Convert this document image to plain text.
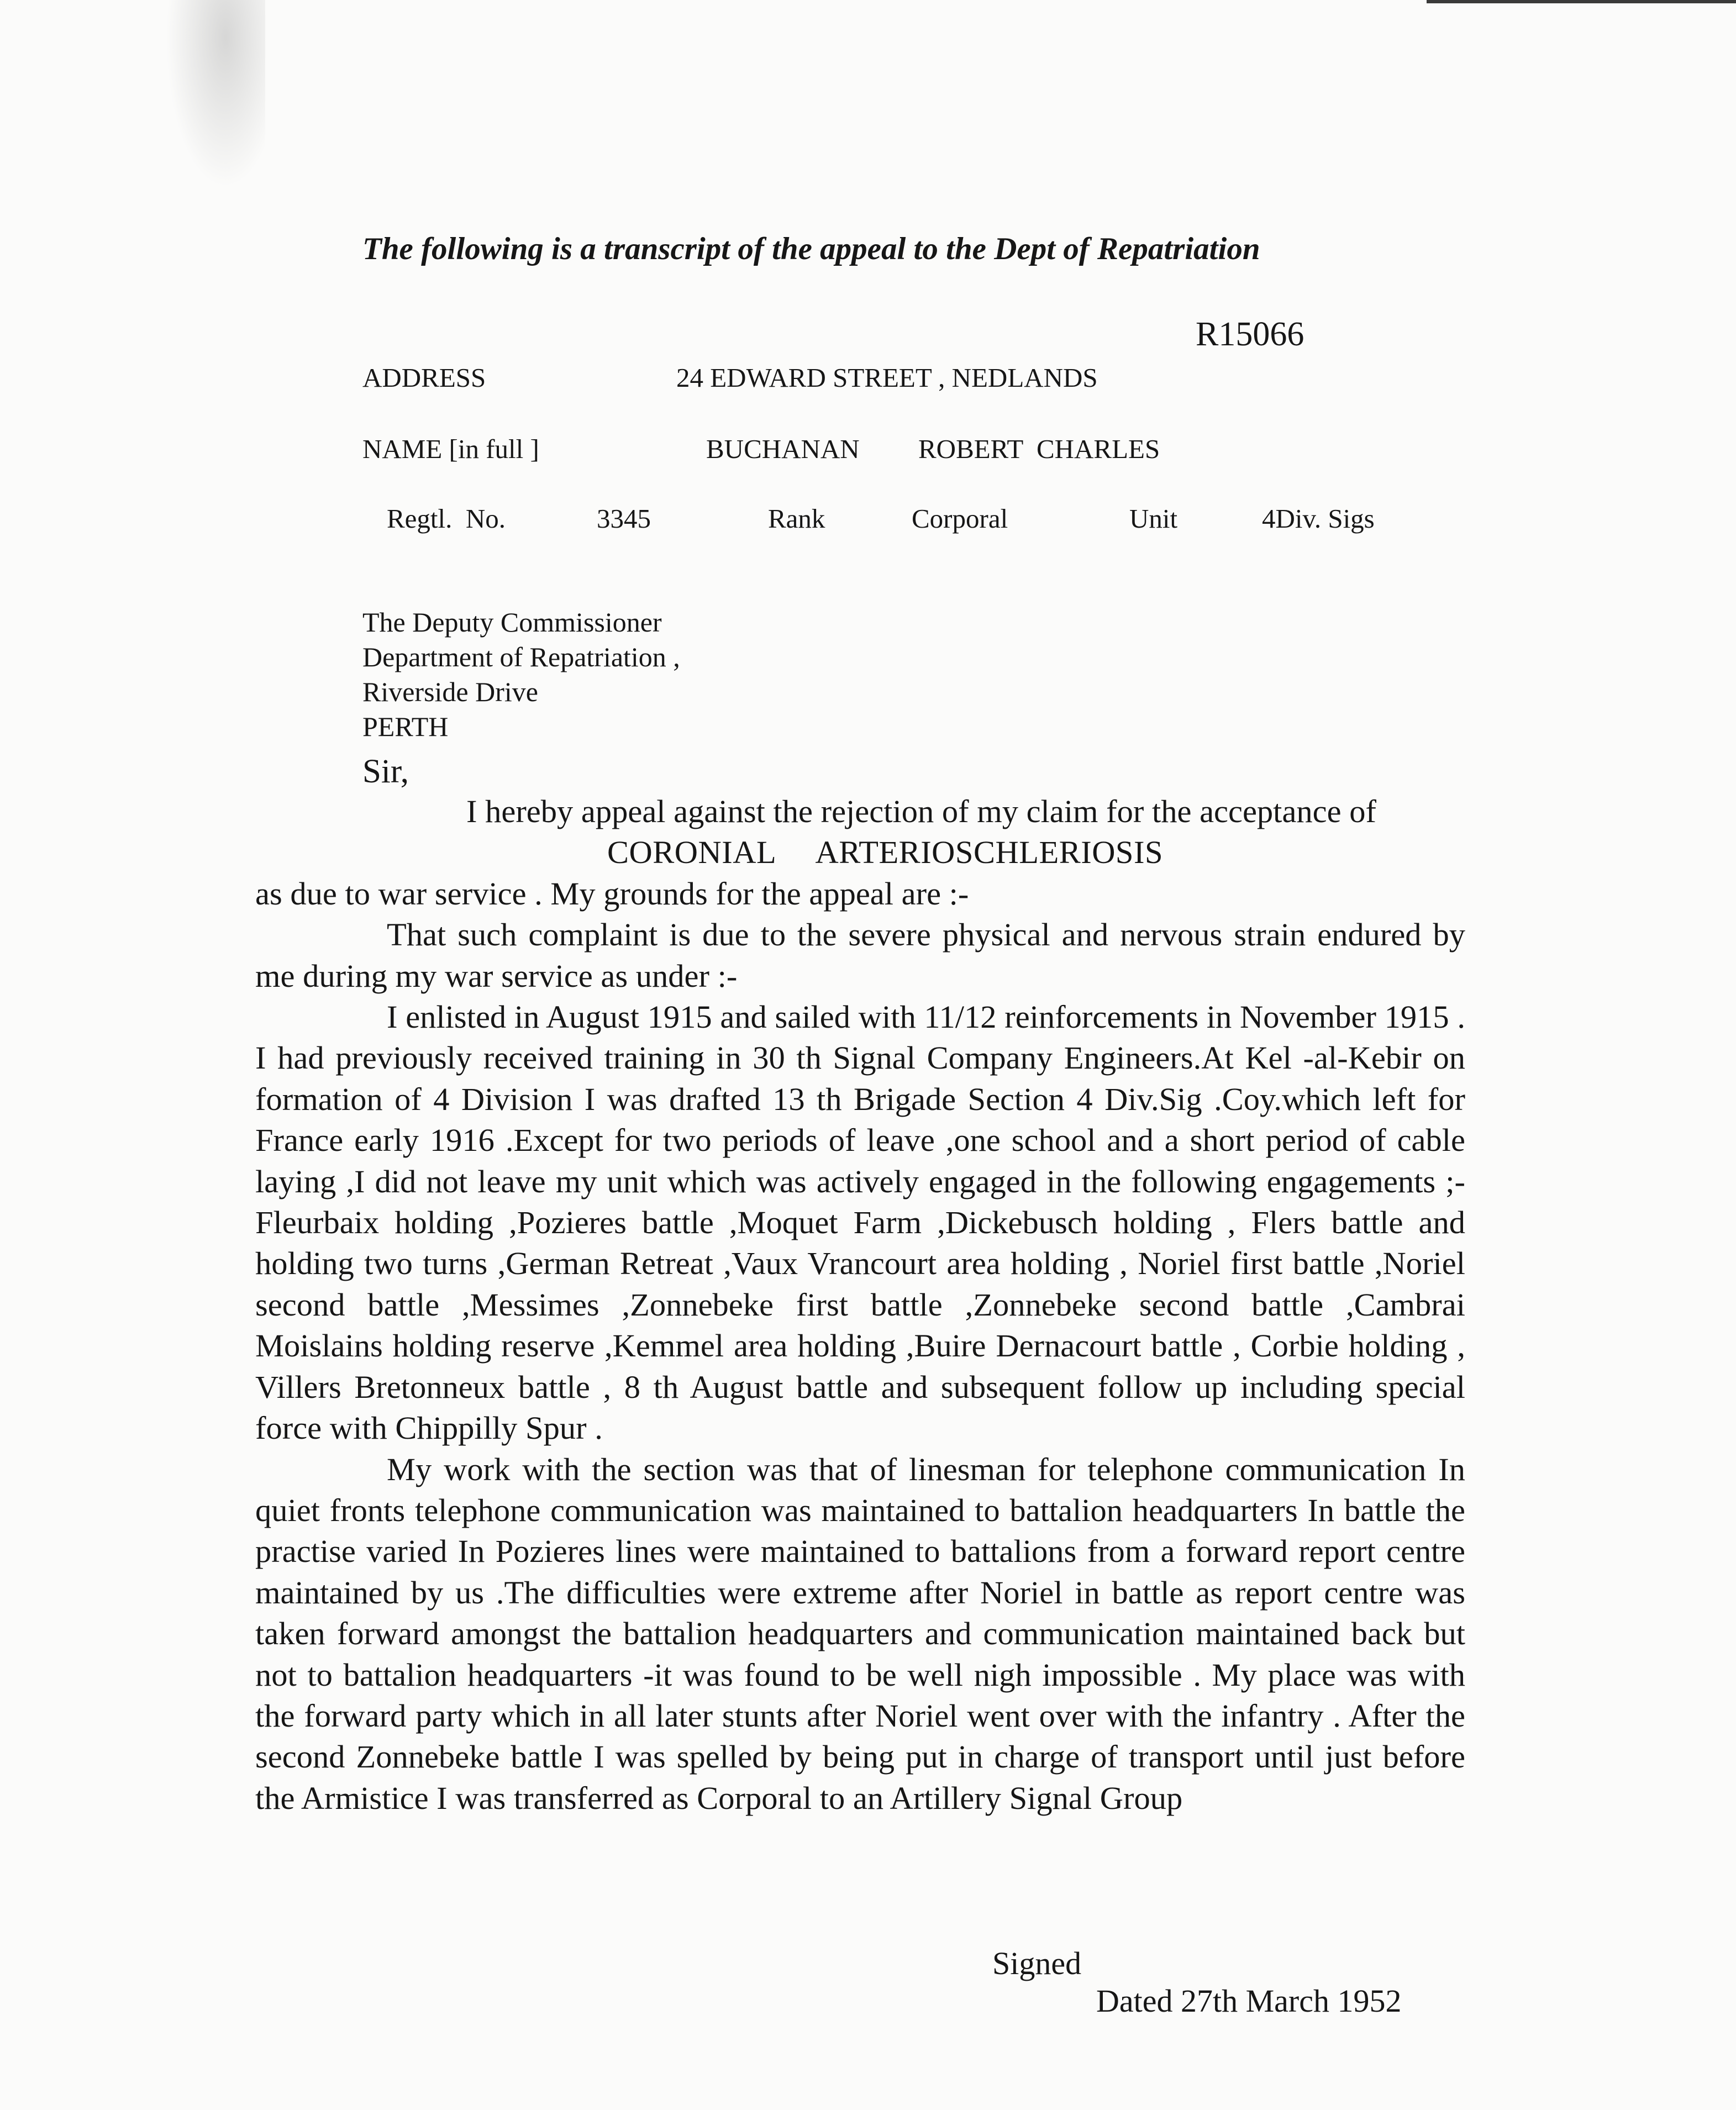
The following is a transcript of the appeal to the Dept of Repatriation
R15066
ADDRESS	24 EDWARD STREET , NEDLANDS
NAME [in full ]	BUCHANAN ROBERT  CHARLES
Regtl.  No.	3345	Rank	Corporal	Unit	4Div. Sigs
The Deputy Commissioner
Department of Repatriation ,
Riverside Drive
PERTH
Sir,
I hereby appeal against the rejection of my claim for the acceptance of
CORONIAL     ARTERIOSCHLERIOSIS
as due to war service . My grounds for the appeal are :-
That such complaint is due to the severe physical and nervous strain endured by me during my war service as under :-
I enlisted in August 1915 and sailed with 11/12 reinforcements in November 1915 . I had previously received training in 30 th Signal Company Engineers.At Kel -al-Kebir on formation of 4 Division I was drafted 13 th Brigade Section 4 Div.Sig .Coy.which left for France early 1916 .Except for two periods of leave ,one school and a short period of cable laying ,I did not leave my unit which was actively engaged in the following engagements ;- Fleurbaix holding ,Pozieres battle ,Moquet Farm ,Dickebusch holding , Flers battle and holding two turns ,German Retreat ,Vaux Vrancourt area holding , Noriel first battle ,Noriel second battle ,Messimes ,Zonnebeke first battle ,Zonnebeke second battle ,Cambrai Moislains holding reserve ,Kemmel area holding ,Buire Dernacourt battle , Corbie holding , Villers Bretonneux battle , 8 th August battle and subsequent follow up including special force with Chippilly Spur .
My work with the section was that of linesman for telephone communication In quiet fronts telephone communication was maintained to battalion headquarters In battle the practise varied In Pozieres lines were maintained to battalions from a forward report centre maintained by us .The difficulties were extreme after Noriel in battle as report centre was taken forward amongst the battalion headquarters and communication maintained back but not to battalion headquarters -it was found to be well nigh impossible . My place was with the forward party which in all later stunts after Noriel went over with the infantry . After the second Zonnebeke battle I was spelled by being put in charge of transport until just before the Armistice I was transferred as Corporal to an Artillery Signal Group
Signed
Dated 27th March 1952
